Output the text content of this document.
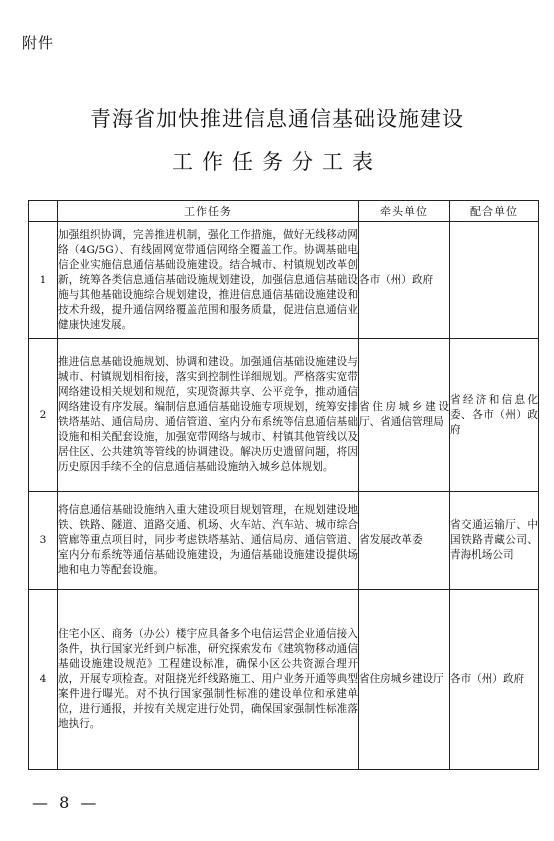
附件
青海省加快推进信息通信基础设施建设
工作任务分工表
	工作任务	牵头单位	配合单位
1	加强组织协调，完善推进机制，强化工作措施，做好无线移动网络（4G/5G）、有线固网宽带通信网络全覆盖工作。协调基础电信企业实施信息通信基础设施建设。结合城市、村镇规划改革创新，统筹各类信息通信基础设施规划建设，加强信息通信基础设施与其他基础设施综合规划建设，推进信息通信基础设施建设和技术升级，提升通信网络覆盖范围和服务质量，促进信息通信业健康快速发展。	各市（州）政府	
2	推进信息基础设施规划、协调和建设。加强通信基础设施建设与城市、村镇规划相衔接，落实到控制性详细规划。严格落实宽带网络建设相关规划和规范，实现资源共享、公平竞争，推动通信网络建设有序发展。编制信息通信基础设施专项规划，统筹安排铁塔基站、通信局房、通信管道、室内分布系统等信息通信基础设施和相关配套设施，加强宽带网络与城市、村镇其他管线以及居住区、公共建筑等管线的协调建设。解决历史遗留问题，将因历史原因手续不全的信息通信基础设施纳入城乡总体规划。	省住房城乡建设厅、省通信管理局	省经济和信息化委、各市（州）政府
3	将信息通信基础设施纳入重大建设项目规划管理，在规划建设地铁、铁路、隧道、道路交通、机场、火车站、汽车站、城市综合管廊等重点项目时，同步考虑铁塔基站、通信局房、通信管道、室内分布系统等通信基础设施建设，为通信基础设施建设提供场地和电力等配套设施。	省发展改革委	省交通运输厅、中国铁路青藏公司、青海机场公司
4	住宅小区、商务（办公）楼宇应具备多个电信运营企业通信接入条件，执行国家光纤到户标准，研究探索发布《建筑物移动通信基础设施建设规范》工程建设标准，确保小区公共资源合理开放，开展专项检查。对阻挠光纤线路施工、用户业务开通等典型案件进行曝光。对不执行国家强制性标准的建设单位和承建单位，进行通报，并按有关规定进行处罚，确保国家强制性标准落地执行。	省住房城乡建设厅	各市（州）政府
— 8 —
